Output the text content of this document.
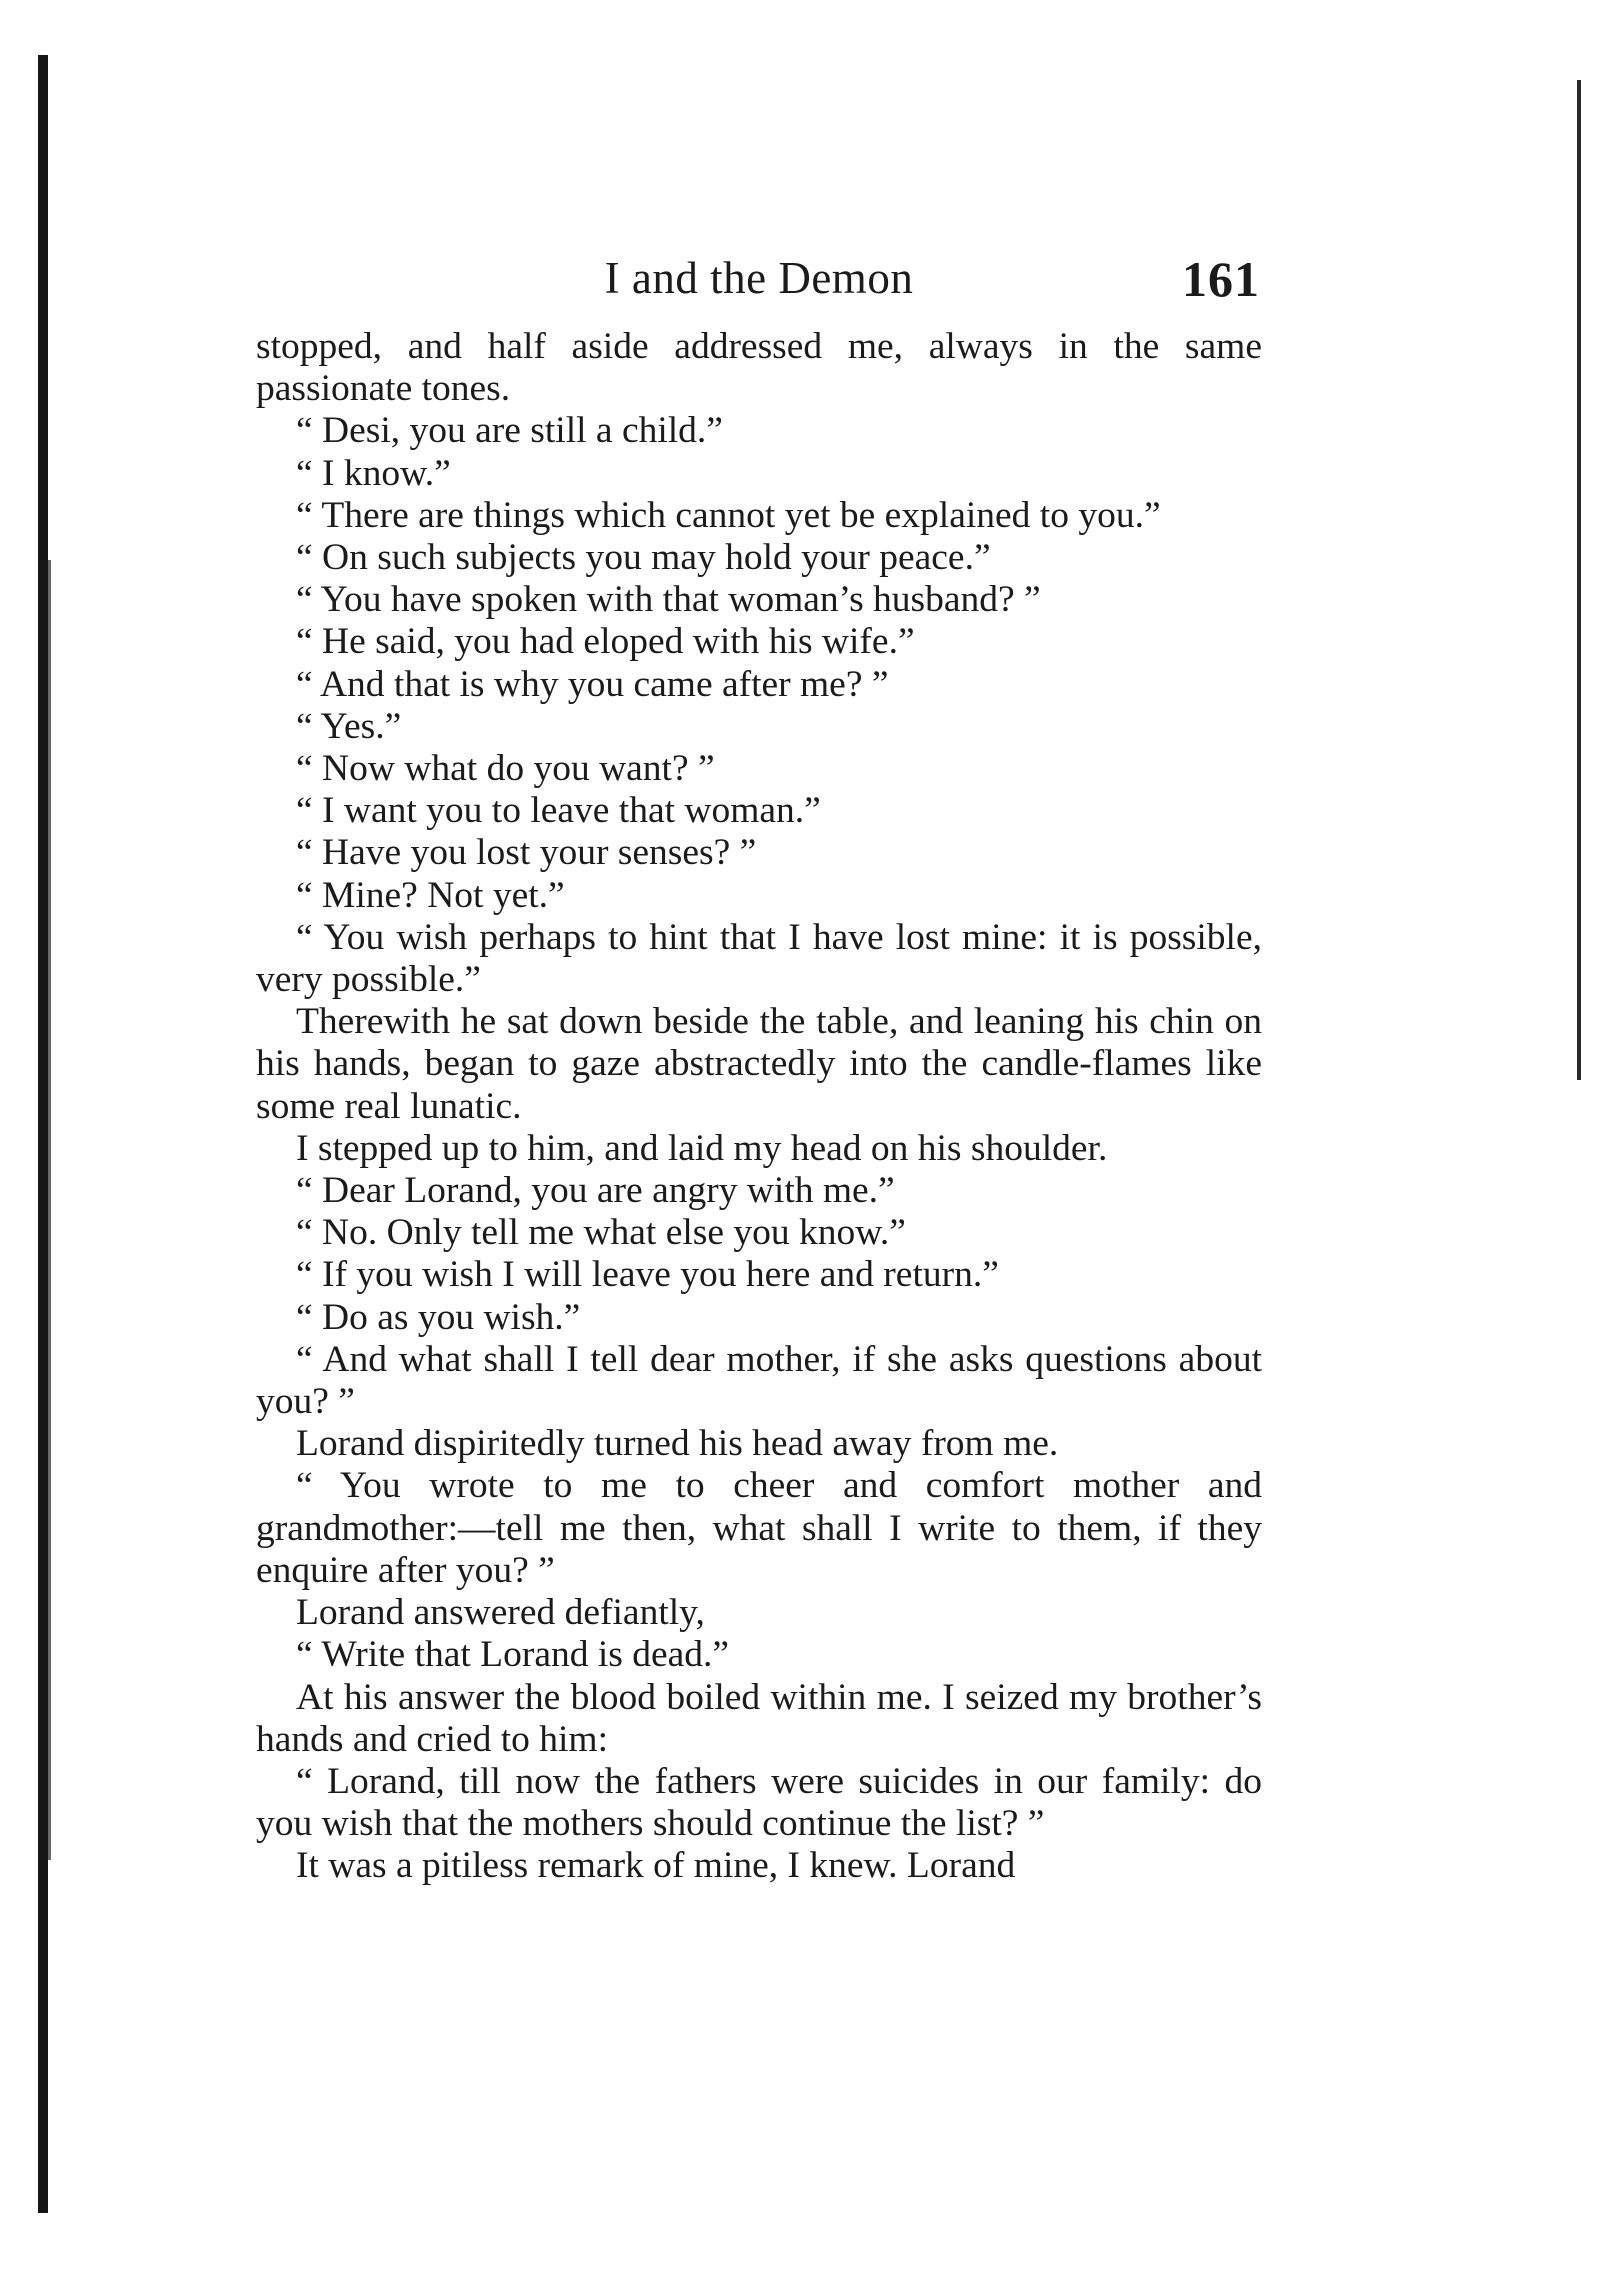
I and the Demon	161

stopped, and half aside addressed me, always in the same passionate tones.

“ Desi, you are still a child.”

“ I know.”

“ There are things which cannot yet be explained to you.”

“ On such subjects you may hold your peace.”

“ You have spoken with that woman’s husband? ”

“ He said, you had eloped with his wife.”

“ And that is why you came after me? ”

“ Yes.”

“ Now what do you want? ”

“ I want you to leave that woman.”

“ Have you lost your senses? ”

“ Mine? Not yet.”

“ You wish perhaps to hint that I have lost mine: it is possible, very possible.”

Therewith he sat down beside the table, and leaning his chin on his hands, began to gaze abstractedly into the candle-flames like some real lunatic.

I stepped up to him, and laid my head on his shoulder.

“ Dear Lorand, you are angry with me.”

“ No. Only tell me what else you know.”

“ If you wish I will leave you here and return.”

“ Do as you wish.”

“ And what shall I tell dear mother, if she asks questions about you? ”

Lorand dispiritedly turned his head away from me.

“ You wrote to me to cheer and comfort mother and grandmother:—tell me then, what shall I write to them, if they enquire after you? ”

Lorand answered defiantly,

“ Write that Lorand is dead.”

At his answer the blood boiled within me. I seized my brother’s hands and cried to him:

“ Lorand, till now the fathers were suicides in our family: do you wish that the mothers should continue the list? ”

It was a pitiless remark of mine, I knew. Lorand
